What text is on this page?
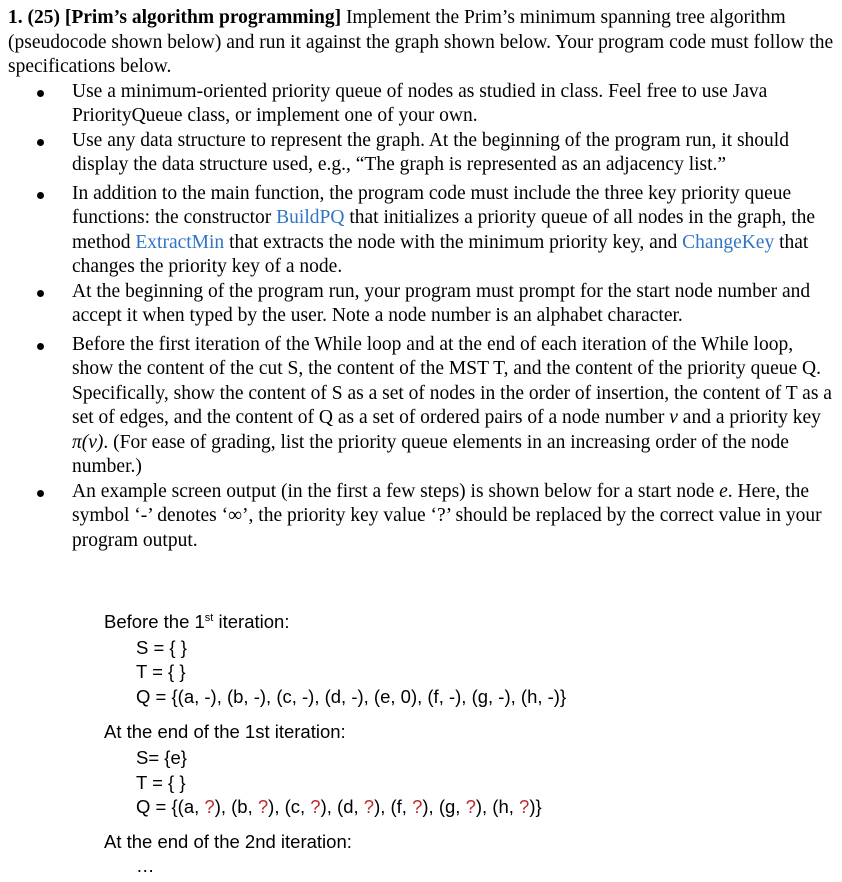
1. (25) [Prim’s algorithm programming] Implement the Prim’s minimum spanning tree algorithm (pseudocode shown below) and run it against the graph shown below. Your program code must follow the specifications below.

Use a minimum-oriented priority queue of nodes as studied in class. Feel free to use Java PriorityQueue class, or implement one of your own.
Use any data structure to represent the graph. At the beginning of the program run, it should display the data structure used, e.g., “The graph is represented as an adjacency list.”
In addition to the main function, the program code must include the three key priority queue functions: the constructor BuildPQ that initializes a priority queue of all nodes in the graph, the method ExtractMin that extracts the node with the minimum priority key, and ChangeKey that changes the priority key of a node.
At the beginning of the program run, your program must prompt for the start node number and accept it when typed by the user. Note a node number is an alphabet character.
Before the first iteration of the While loop and at the end of each iteration of the While loop, show the content of the cut S, the content of the MST T, and the content of the priority queue Q. Specifically, show the content of S as a set of nodes in the order of insertion, the content of T as a set of edges, and the content of Q as a set of ordered pairs of a node number v and a priority key π(v). (For ease of grading, list the priority queue elements in an increasing order of the node number.)
An example screen output (in the first a few steps) is shown below for a start node e. Here, the symbol ‘-’ denotes ‘∞’, the priority key value ‘?’ should be replaced by the correct value in your program output.
Before the 1st iteration:
S = { }
T = { }
Q = {(a, -), (b, -), (c, -), (d, -), (e, 0), (f, -), (g, -), (h, -)}
At the end of the 1st iteration:
S= {e}
T = { }
Q = {(a, ?), (b, ?), (c, ?), (d, ?), (f, ?), (g, ?), (h, ?)}
At the end of the 2nd iteration:
…
